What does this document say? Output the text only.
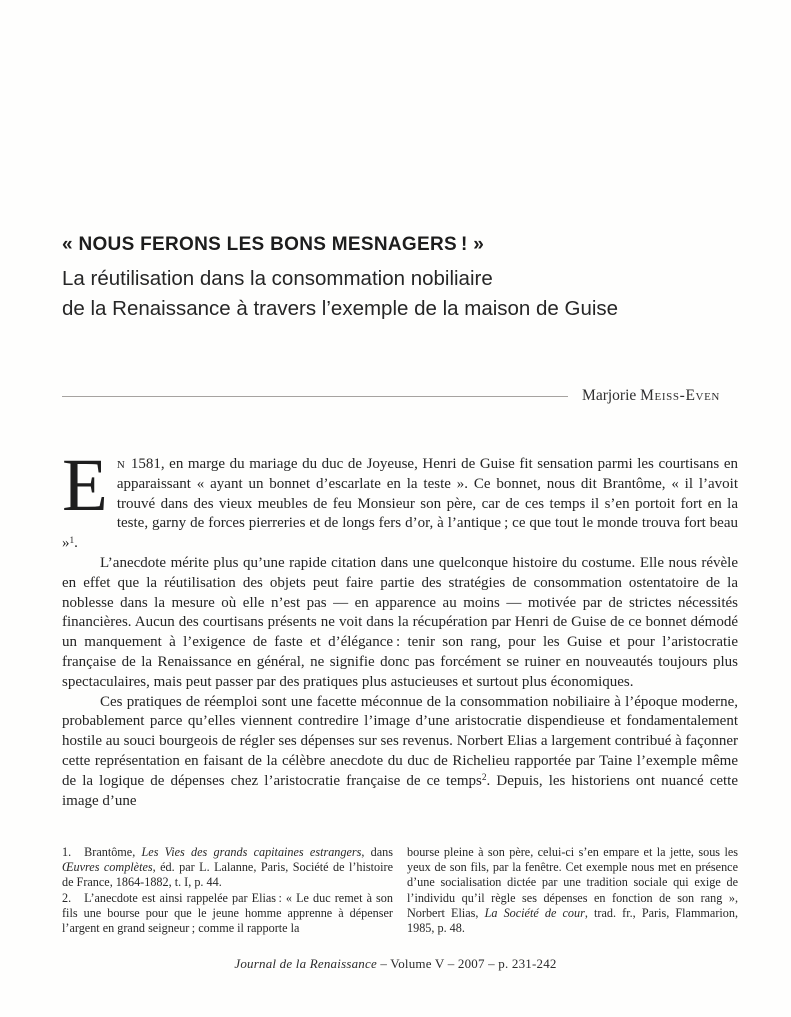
« NOUS FERONS LES BONS MESNAGERS ! »
La réutilisation dans la consommation nobiliaire
de la Renaissance à travers l’exemple de la maison de Guise
Marjorie Meiss-Even

En 1581, en marge du mariage du duc de Joyeuse, Henri de Guise fit sensation parmi les courtisans en apparaissant « ayant un bonnet d’escarlate en la teste ». Ce bonnet, nous dit Brantôme, « il l’avoit trouvé dans des vieux meubles de feu Monsieur son père, car de ces temps il s’en portoit fort en la teste, garny de forces pierreries et de longs fers d’or, à l’antique ; ce que tout le monde trouva fort beau »$^1$.

L’anecdote mérite plus qu’une rapide citation dans une quelconque histoire du costume. Elle nous révèle en effet que la réutilisation des objets peut faire partie des stratégies de consommation ostentatoire de la noblesse dans la mesure où elle n’est pas — en apparence au moins — motivée par de strictes nécessités financières. Aucun des courtisans présents ne voit dans la récupération par Henri de Guise de ce bonnet démodé un manquement à l’exigence de faste et d’élégance : tenir son rang, pour les Guise et pour l’aristocratie française de la Renaissance en général, ne signifie donc pas forcément se ruiner en nouveautés toujours plus spectaculaires, mais peut passer par des pratiques plus astucieuses et surtout plus économiques.

Ces pratiques de réemploi sont une facette méconnue de la consommation nobiliaire à l’époque moderne, probablement parce qu’elles viennent contredire l’image d’une aristocratie dispendieuse et fondamentalement hostile au souci bourgeois de régler ses dépenses sur ses revenus. Norbert Elias a largement contribué à façonner cette représentation en faisant de la célèbre anecdote du duc de Richelieu rapportée par Taine l’exemple même de la logique de dépenses chez l’aristocratie française de ce temps$^2$. Depuis, les historiens ont nuancé cette image d’une

1. Brantôme, Les Vies des grands capitaines estrangers, dans Œuvres complètes, éd. par L. Lalanne, Paris, Société de l’histoire de France, 1864-1882, t. I, p. 44.

2. L’anecdote est ainsi rappelée par Elias : « Le duc remet à son fils une bourse pour que le jeune homme apprenne à dépenser l’argent en grand seigneur ; comme il rapporte la

bourse pleine à son père, celui-ci s’en empare et la jette, sous les yeux de son fils, par la fenêtre. Cet exemple nous met en présence d’une socialisation dictée par une tradition sociale qui exige de l’individu qu’il règle ses dépenses en fonction de son rang », Norbert Elias, La Société de cour, trad. fr., Paris, Flammarion, 1985, p. 48.

Journal de la Renaissance – Volume V – 2007 – p. 231-242
